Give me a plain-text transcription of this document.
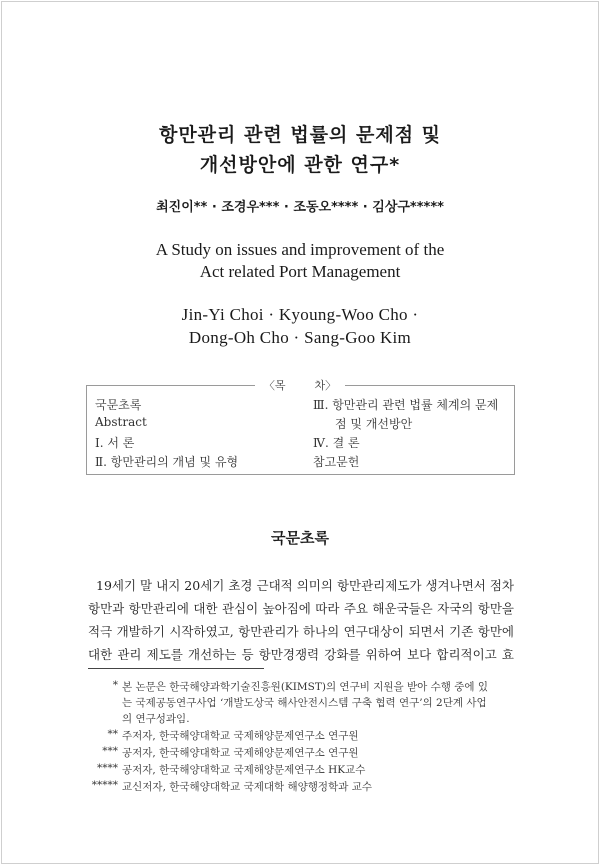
항만관리 관련 법률의 문제점 및
개선방안에 관한 연구*
최진이** · 조경우*** · 조동오**** · 김상구*****
A Study on issues and improvement of the
Act related Port Management
Jin-Yi Choi · Kyoung-Woo Cho ·
Dong-Oh Cho · Sang-Goo Kim
〈목	차〉
국문초록
Abstract
Ⅰ. 서 론
Ⅱ. 항만관리의 개념 및 유형
Ⅲ. 항만관리 관련 법률 체계의 문제
점 및 개선방안
Ⅳ. 결 론
참고문헌
국문초록
19세기 말 내지 20세기 초경 근대적 의미의 항만관리제도가 생겨나면서 점차
항만과 항만관리에 대한 관심이 높아짐에 따라 주요 해운국들은 자국의 항만을
적극 개발하기 시작하였고, 항만관리가 하나의 연구대상이 되면서 기존 항만에
대한 관리 제도를 개선하는 등 항만경쟁력 강화를 위하여 보다 합리적이고 효
* 본 논문은 한국해양과학기술진흥원(KIMST)의 연구비 지원을 받아 수행 중에 있
는 국제공동연구사업 ‘개발도상국 해사안전시스템 구축 협력 연구’의 2단계 사업
의 연구성과임.
** 주저자, 한국해양대학교 국제해양문제연구소 연구원
*** 공저자, 한국해양대학교 국제해양문제연구소 연구원
**** 공저자, 한국해양대학교 국제해양문제연구소 HK교수
***** 교신저자, 한국해양대학교 국제대학 해양행정학과 교수
